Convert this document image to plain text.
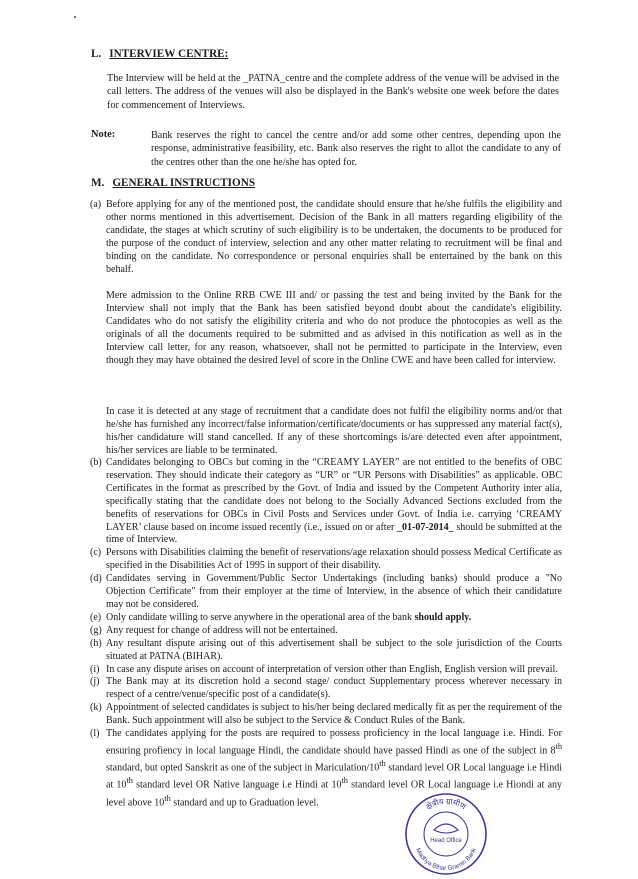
L. INTERVIEW CENTRE:
The Interview will be held at the _PATNA_centre and the complete address of the venue will be advised in the call letters. The address of the venues will also be displayed in the Bank's website one week before the dates for commencement of Interviews.
Note:	Bank reserves the right to cancel the centre and/or add some other centres, depending upon the response, administrative feasibility, etc. Bank also reserves the right to allot the candidate to any of the centres other than the one he/she has opted for.
M. GENERAL INSTRUCTIONS
(a) Before applying for any of the mentioned post, the candidate should ensure that he/she fulfils the eligibility and other norms mentioned in this advertisement. Decision of the Bank in all matters regarding eligibility of the candidate, the stages at which scrutiny of such eligibility is to be undertaken, the documents to be produced for the purpose of the conduct of interview, selection and any other matter relating to recruitment will be final and binding on the candidate. No correspondence or personal enquiries shall be entertained by the bank on this behalf.
Mere admission to the Online RRB CWE III and/ or passing the test and being invited by the Bank for the Interview shall not imply that the Bank has been satisfied beyond doubt about the candidate's eligibility. Candidates who do not satisfy the eligibility criteria and who do not produce the photocopies as well as the originals of all the documents required to be submitted and as advised in this notification as well as in the Interview call letter, for any reason, whatsoever, shall not be permitted to participate in the Interview, even though they may have obtained the desired level of score in the Online CWE and have been called for interview.
In case it is detected at any stage of recruitment that a candidate does not fulfil the eligibility norms and/or that he/she has furnished any incorrect/false information/certificate/documents or has suppressed any material fact(s), his/her candidature will stand cancelled. If any of these shortcomings is/are detected even after appointment, his/her services are liable to be terminated.
(b) Candidates belonging to OBCs but coming in the “CREAMY LAYER” are not entitled to the benefits of OBC reservation. They should indicate their category as “UR” or “UR Persons with Disabilities” as applicable. OBC Certificates in the format as prescribed by the Govt. of India and issued by the Competent Authority inter alia, specifically stating that the candidate does not belong to the Socially Advanced Sections excluded from the benefits of reservations for OBCs in Civil Posts and Services under Govt. of India i.e. carrying ‘CREAMY LAYER’ clause based on income issued recently (i.e., issued on or after _01-07-2014_ should be submitted at the time of Interview.
(c) Persons with Disabilities claiming the benefit of reservations/age relaxation should possess Medical Certificate as specified in the Disabilities Act of 1995 in support of their disability.
(d) Candidates serving in Government/Public Sector Undertakings (including banks) should produce a "No Objection Certificate" from their employer at the time of Interview, in the absence of which their candidature may not be considered.
(e) Only candidate willing to serve anywhere in the operational area of the bank should apply.
(g) Any request for change of address will not be entertained.
(h) Any resultant dispute arising out of this advertisement shall be subject to the sole jurisdiction of the Courts situated at PATNA (BIHAR).
(i) In case any dispute arises on account of interpretation of version other than English, English version will prevail.
(j) The Bank may at its discretion hold a second stage/ conduct Supplementary process wherever necessary in respect of a centre/venue/specific post of a candidate(s).
(k) Appointment of selected candidates is subject to his/her being declared medically fit as per the requirement of the Bank. Such appointment will also be subject to the Service & Conduct Rules of the Bank.
(l) The candidates applying for the posts are required to possess proficiency in the local language i.e. Hindi. For ensuring profiency in local language Hindi, the candidate should have passed Hindi as one of the subject in 8th standard, but opted Sanskrit as one of the subject in Mariculation/10th standard level OR Local language i.e Hindi at 10th standard level OR Native language i.e Hindi at 10th standard level OR Local language i.e Hiondi at any level above 10th standard and up to Graduation level.	क्षेत्रीय ग्रामीण
Madhya Bihar Gramin Bank
Head Office
